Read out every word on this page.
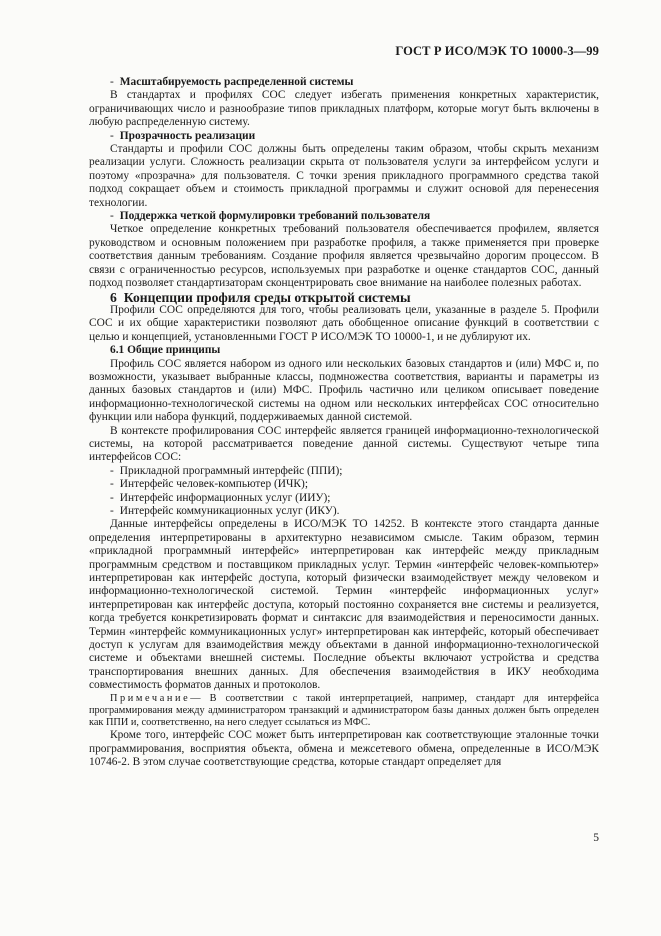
ГОСТ Р ИСО/МЭК ТО 10000-3—99

- Масштабируемость распределенной системы

В стандартах и профилях СОС следует избегать применения конкретных характеристик, ограничивающих число и разнообразие типов прикладных платформ, которые могут быть включены в любую распределенную систему.

- Прозрачность реализации

Стандарты и профили СОС должны быть определены таким образом, чтобы скрыть механизм реализации услуги. Сложность реализации скрыта от пользователя услуги за интерфейсом услуги и поэтому «прозрачна» для пользователя. С точки зрения прикладного программного средства такой подход сокращает объем и стоимость прикладной программы и служит основой для перенесения технологии.

- Поддержка четкой формулировки требований пользователя

Четкое определение конкретных требований пользователя обеспечивается профилем, является руководством и основным положением при разработке профиля, а также применяется при проверке соответствия данным требованиям. Создание профиля является чрезвычайно дорогим процессом. В связи с ограниченностью ресурсов, используемых при разработке и оценке стандартов СОС, данный подход позволяет стандартизаторам сконцентрировать свое внимание на наиболее полезных работах.

6 Концепции профиля среды открытой системы

Профили СОС определяются для того, чтобы реализовать цели, указанные в разделе 5. Профили СОС и их общие характеристики позволяют дать обобщенное описание функций в соответствии с целью и концепцией, установленными ГОСТ Р ИСО/МЭК ТО 10000-1, и не дублируют их.

6.1 Общие принципы

Профиль СОС является набором из одного или нескольких базовых стандартов и (или) МФС и, по возможности, указывает выбранные классы, подмножества соответствия, варианты и параметры из данных базовых стандартов и (или) МФС. Профиль частично или целиком описывает поведение информационно-технологической системы на одном или нескольких интерфейсах СОС относительно функции или набора функций, поддерживаемых данной системой.

В контексте профилирования СОС интерфейс является границей информационно-технологической системы, на которой рассматривается поведение данной системы. Существуют четыре типа интерфейсов СОС:

- Прикладной программный интерфейс (ППИ);

- Интерфейс человек-компьютер (ИЧК);

- Интерфейс информационных услуг (ИИУ);

- Интерфейс коммуникационных услуг (ИКУ).

Данные интерфейсы определены в ИСО/МЭК ТО 14252. В контексте этого стандарта данные определения интерпретированы в архитектурно независимом смысле. Таким образом, термин «прикладной программный интерфейс» интерпретирован как интерфейс между прикладным программным средством и поставщиком прикладных услуг. Термин «интерфейс человек-компьютер» интерпретирован как интерфейс доступа, который физически взаимодействует между человеком и информационно-технологической системой. Термин «интерфейс информационных услуг» интерпретирован как интерфейс доступа, который постоянно сохраняется вне системы и реализуется, когда требуется конкретизировать формат и синтаксис для взаимодействия и переносимости данных. Термин «интерфейс коммуникационных услуг» интерпретирован как интерфейс, который обеспечивает доступ к услугам для взаимодействия между объектами в данной информационно-технологической системе и объектами внешней системы. Последние объекты включают устройства и средства транспортирования внешних данных. Для обеспечения взаимодействия в ИКУ необходима совместимость форматов данных и протоколов.

Примечание— В соответствии с такой интерпретацией, например, стандарт для интерфейса программирования между администратором транзакций и администратором базы данных должен быть определен как ППИ и, соответственно, на него следует ссылаться из МФС.

Кроме того, интерфейс СОС может быть интерпретирован как соответствующие эталонные точки программирования, восприятия объекта, обмена и межсетевого обмена, определенные в ИСО/МЭК 10746-2. В этом случае соответствующие средства, которые стандарт определяет для

5
